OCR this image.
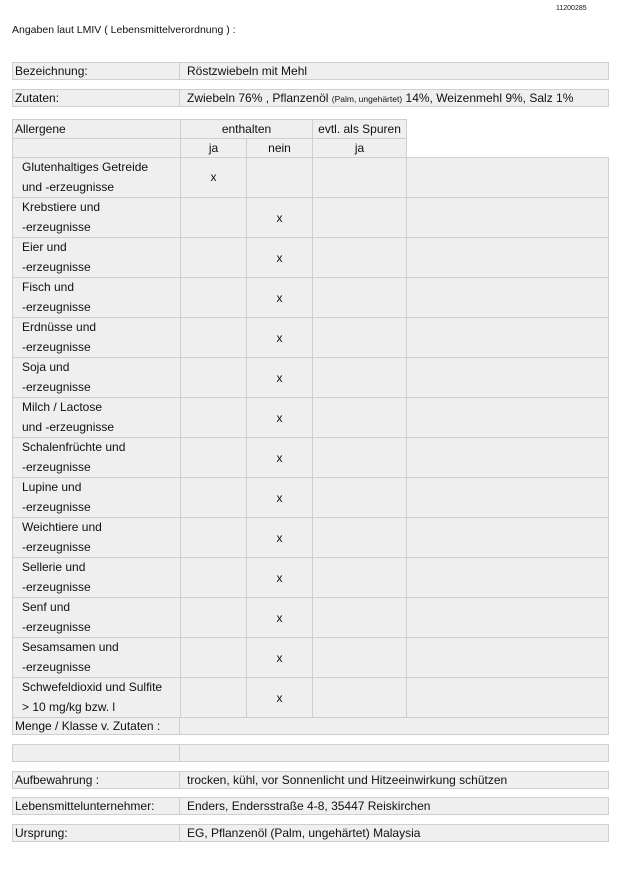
11200285
Angaben laut LMIV ( Lebensmittelverordnung ) :
Bezeichnung:	Röstzwiebeln mit Mehl
Zutaten:	Zwiebeln 76% , Pflanzenöl (Palm, ungehärtet) 14%, Weizenmehl 9%, Salz 1%
Allergene	enthalten		evtl. als Spuren	
	ja	nein	ja	

Glutenhaltiges Getreide
und -erzeugnisse	x			

Krebstiere und
-erzeugnisse		x		

Eier und
-erzeugnisse		x		

Fisch und
-erzeugnisse		x		

Erdnüsse und
-erzeugnisse		x		

Soja und
-erzeugnisse		x		

Milch / Lactose
und -erzeugnisse		x		

Schalenfrüchte und
-erzeugnisse		x		

Lupine und
-erzeugnisse		x		

Weichtiere und
-erzeugnisse		x		

Sellerie und
-erzeugnisse		x		

Senf und
-erzeugnisse		x		

Sesamsamen und
-erzeugnisse		x		

Schwefeldioxid und Sulfite
> 10 mg/kg bzw. l		x		
Menge / Klasse v. Zutaten :
Aufbewahrung :	trocken, kühl, vor Sonnenlicht und Hitzeeinwirkung schützen
Lebensmittelunternehmer:	Enders, Endersstraße 4-8, 35447 Reiskirchen
Ursprung:	EG, Pflanzenöl (Palm, ungehärtet) Malaysia
